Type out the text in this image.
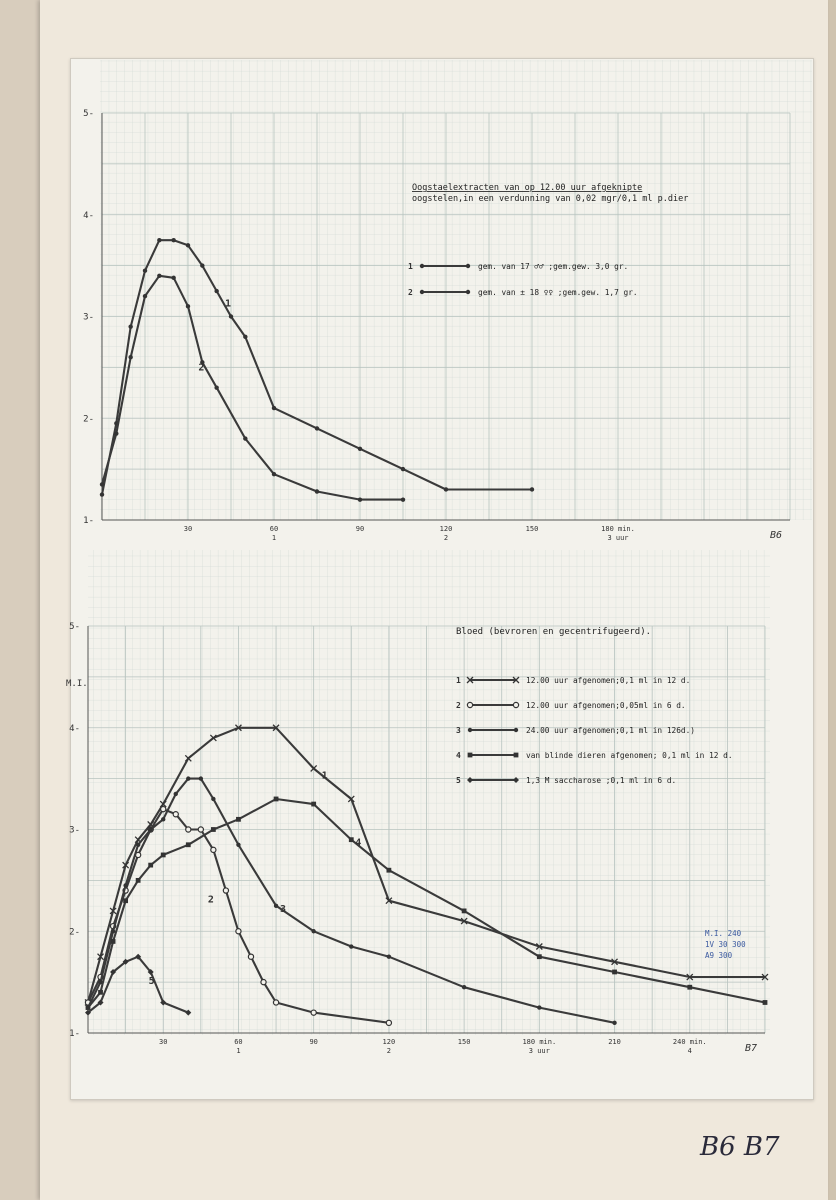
1-
2-
3-
4-
5-
30	60	90	120	150	180 min.
1	2	3 uur	B6
1
2
Oogstaelextracten van op 12.00 uur afgeknipte
oogstelen,in een verdunning van 0,02 mgr/0,1 ml p.dier
1	gem. van 17 ♂♂ ;gem.gew. 3,0 gr.
2	gem. van ± 18 ♀♀ ;gem.gew. 1,7 gr.
1-
2-
3-
4-
5-
30	60	90	120	150	180 min.	210	240 min.
1	2	3 uur	4
M.I.
B7
1
2
3
4
5
Bloed (bevroren en gecentrifugeerd).
1	12.00 uur afgenomen;0,1 ml in 12 d.
2	12.00 uur afgenomen;0,05ml in 6 d.
3	24.00 uur afgenomen;0,1 ml in 126d.)
4	van blinde dieren afgenomen; 0,1 ml in 12 d.
5	1,3 M saccharose ;0,1 ml in 6 d.
M.I. 240
1V 30 300
A9 300
B6 B7
